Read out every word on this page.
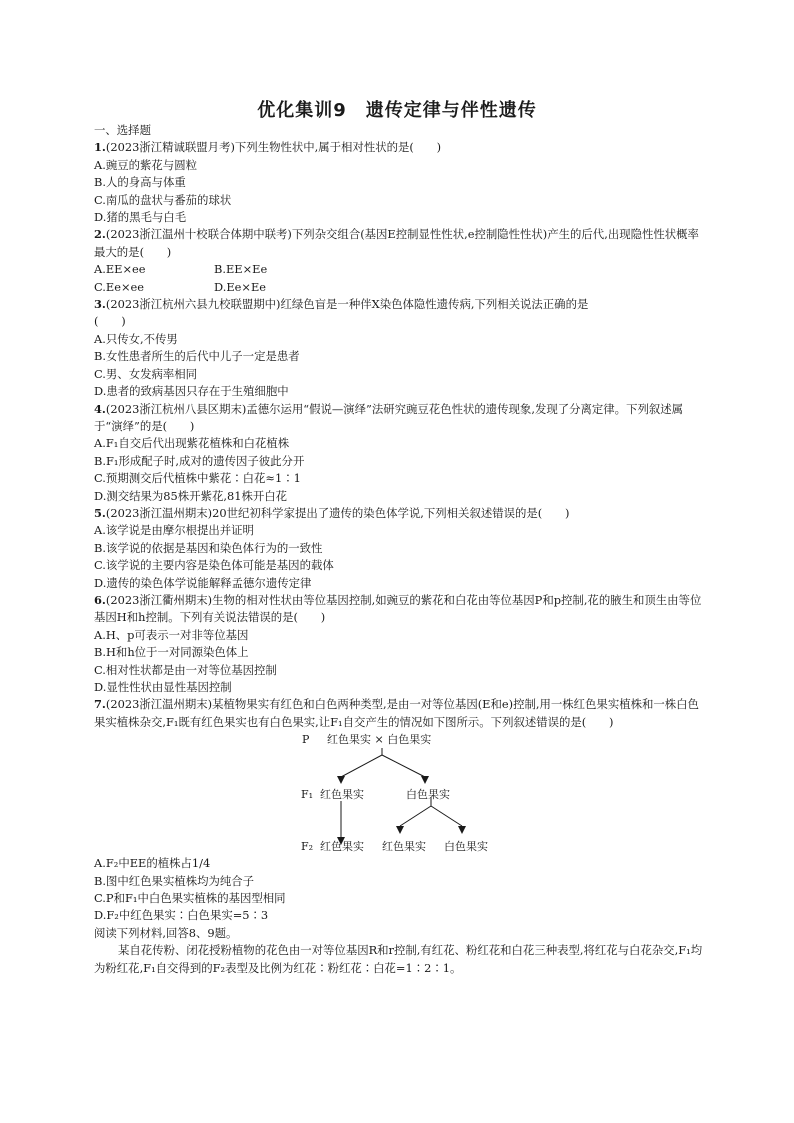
优化集训9　遗传定律与伴性遗传
一、选择题
1.(2023浙江精诚联盟月考)下列生物性状中,属于相对性状的是(　　)
A.豌豆的紫花与圆粒
B.人的身高与体重
C.南瓜的盘状与番茄的球状
D.猪的黑毛与白毛
2.(2023浙江温州十校联合体期中联考)下列杂交组合(基因E控制显性性状,e控制隐性性状)产生的后代,出现隐性性状概率最大的是(　　)
A.EE×ee	B.EE×Ee
C.Ee×ee	D.Ee×Ee
3.(2023浙江杭州六县九校联盟期中)红绿色盲是一种伴X染色体隐性遗传病,下列相关说法正确的是　　　　　　　　　　　　(　　)
A.只传女,不传男
B.女性患者所生的后代中儿子一定是患者
C.男、女发病率相同
D.患者的致病基因只存在于生殖细胞中
4.(2023浙江杭州八县区期末)孟德尔运用“假说—演绎”法研究豌豆花色性状的遗传现象,发现了分离定律。下列叙述属于“演绎”的是(　　)
A.F₁自交后代出现紫花植株和白花植株
B.F₁形成配子时,成对的遗传因子彼此分开
C.预期测交后代植株中紫花∶白花≈1∶1
D.测交结果为85株开紫花,81株开白花
5.(2023浙江温州期末)20世纪初科学家提出了遗传的染色体学说,下列相关叙述错误的是(　　)
A.该学说是由摩尔根提出并证明
B.该学说的依据是基因和染色体行为的一致性
C.该学说的主要内容是染色体可能是基因的载体
D.遗传的染色体学说能解释孟德尔遗传定律
6.(2023浙江衢州期末)生物的相对性状由等位基因控制,如豌豆的紫花和白花由等位基因P和p控制,花的腋生和顶生由等位基因H和h控制。下列有关说法错误的是(　　)
A.H、p可表示一对非等位基因
B.H和h位于一对同源染色体上
C.相对性状都是由一对等位基因控制
D.显性性状由显性基因控制
7.(2023浙江温州期末)某植物果实有红色和白色两种类型,是由一对等位基因(E和e)控制,用一株红色果实植株和一株白色果实植株杂交,F₁既有红色果实也有白色果实,让F₁自交产生的情况如下图所示。下列叙述错误的是(　　)
P 红色果实 × 白色果实
F₁ 红色果实	白色果实
F₂ 红色果实 红色果实 白色果实
A.F₂中EE的植株占1/4
B.图中红色果实植株均为纯合子
C.P和F₁中白色果实植株的基因型相同
D.F₂中红色果实∶白色果实=5∶3
阅读下列材料,回答8、9题。
某自花传粉、闭花授粉植物的花色由一对等位基因R和r控制,有红花、粉红花和白花三种表型,将红花与白花杂交,F₁均为粉红花,F₁自交得到的F₂表型及比例为红花∶粉红花∶白花=1∶2∶1。
